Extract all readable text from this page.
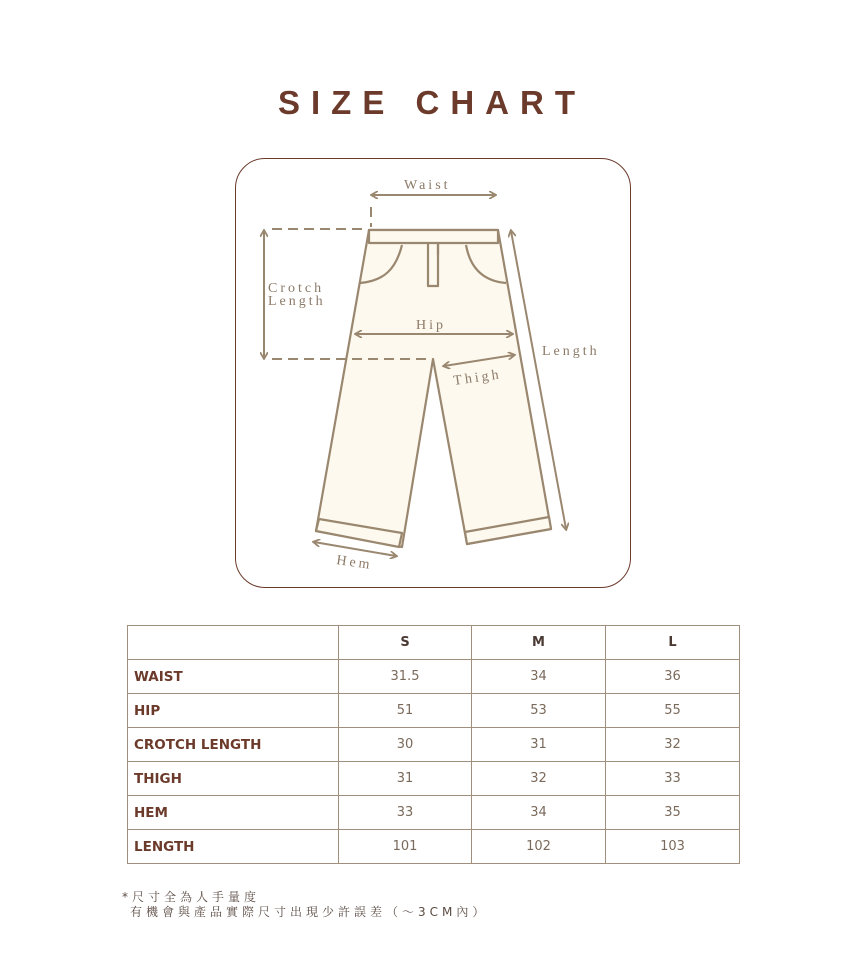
SIZE CHART
Waist
Crotch
Length
Hip
Length
Thigh
Hem
	S	M	L
WAIST	31.5	34	36
HIP	51	53	55
CROTCH LENGTH	30	31	32
THIGH	31	32	33
HEM	33	34	35
LENGTH	101	102	103
*尺寸全為人手量度
有機會與產品實際尺寸出現少許誤差（～3CM內）
